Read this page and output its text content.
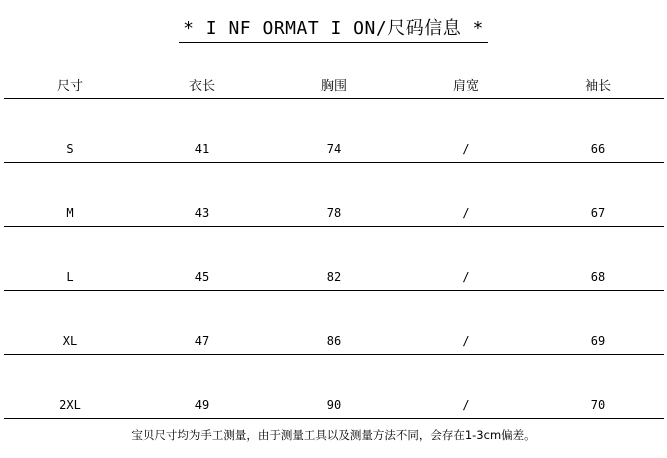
* I NF ORMAT I ON/尺码信息 *
尺寸	衣长	胸围	肩宽	袖长
S	41	74	/	66
M	43	78	/	67
L	45	82	/	68
XL	47	86	/	69
2XL	49	90	/	70
宝贝尺寸均为手工测量，由于测量工具以及测量方法不同，会存在1-3cm偏差。
